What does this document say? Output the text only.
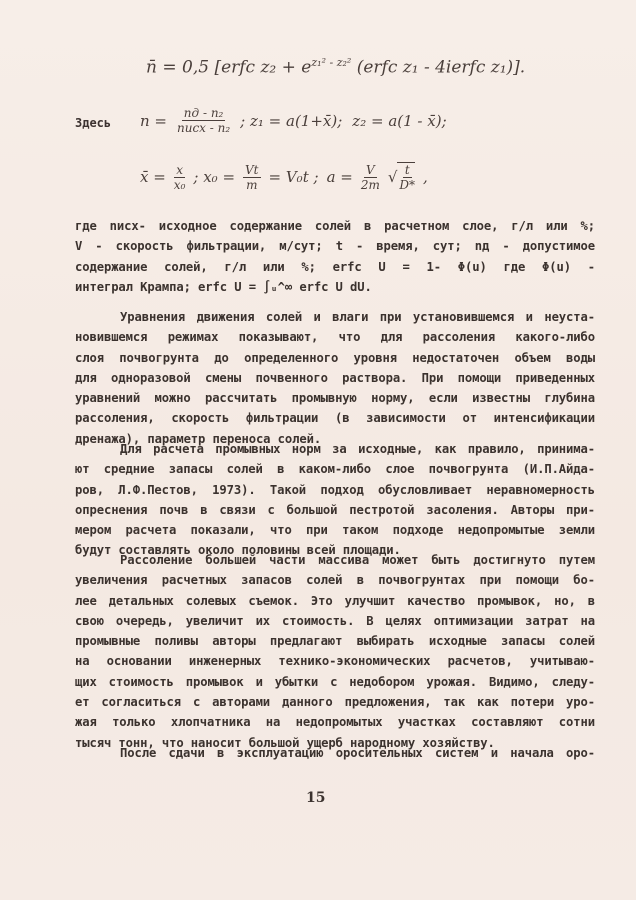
n̄ = 0,5 [erfc $z_2 + e^{z_1^2 - z_2^2}$ (erfc z₁ - 4ierfc z₁)].
Здесь $n = \frac{\text{nд - n₂}}{\text{nисх - n₂}}$ ; z₁ = a(1+x̄); z₂ = a(1 - x̄);
x̄ = $\frac{x}{\text{x₀}}$ ; $x_0 = \frac{Vt}{m} = V_0t$ ; $a = \frac{V}{2m}$ √ $\frac{t}{D*}$ ,
где nисх- исходное содержание солей в расчетном слое, г/л или %;
V - скорость фильтрации, м/сут; t - время, сут; nд - допустимое
содержание солей, г/л или %; erfc U = 1- Φ(u) где Φ(u) -
интеграл Крампа; erfc U = ∫ᵤ^∞ erfc U dU.
Уравнения движения солей и влаги при установившемся и неуста-
новившемся режимах показывают, что для рассоления какого-либо
слоя почвогрунта до определенного уровня недостаточен объем воды
для одноразовой смены почвенного раствора. При помощи приведенных
уравнений можно рассчитать промывную норму, если известны глубина
рассоления, скорость фильтрации (в зависимости от интенсификации
дренажа), параметр переноса солей.
Для расчета промывных норм за исходные, как правило, принима-
ют средние запасы солей в каком-либо слое почвогрунта (И.П.Айда-
ров, Л.Ф.Пестов, 1973). Такой подход обусловливает неравномерность
опреснения почв в связи с большой пестротой засоления. Авторы при-
мером расчета показали, что при таком подходе недопромытые земли
будут составлять около половины всей площади.
Рассоление большей части массива может быть достигнуто путем
увеличения расчетных запасов солей в почвогрунтах при помощи бо-
лее детальных солевых съемок. Это улучшит качество промывок, но, в
свою очередь, увеличит их стоимость. В целях оптимизации затрат на
промывные поливы авторы предлагают выбирать исходные запасы солей
на основании инженерных технико-экономических расчетов, учитываю-
щих стоимость промывок и убытки с недобором урожая. Видимо, следу-
ет согласиться с авторами данного предложения, так как потери уро-
жая только хлопчатника на недопромытых участках составляют сотни
тысяч тонн, что наносит большой ущерб народному хозяйству.
После сдачи в эксплуатацию оросительных систем и начала оро-
15
